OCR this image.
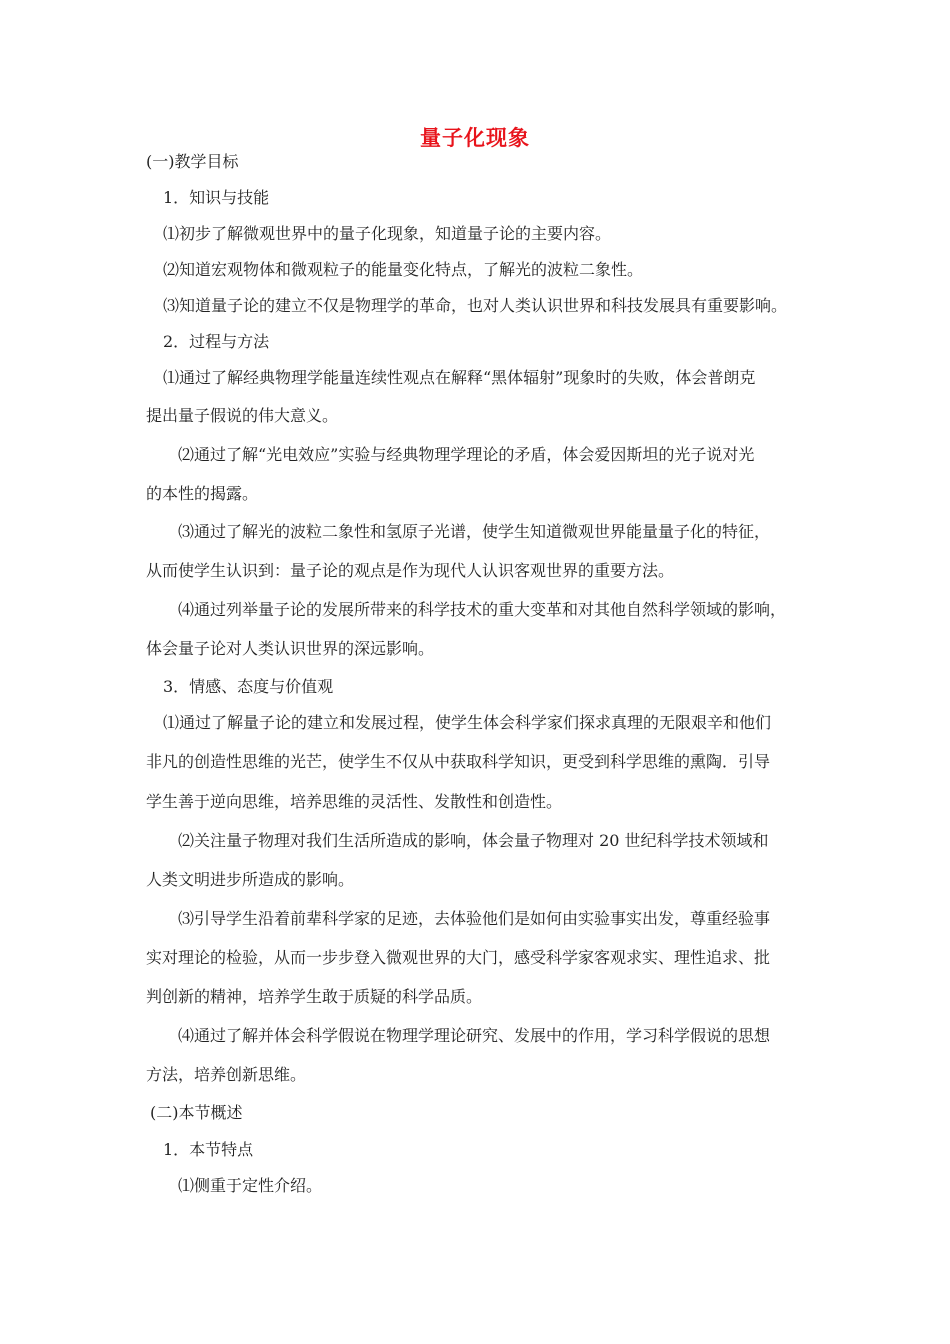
量子化现象
(一)教学目标
1．知识与技能
⑴初步了解微观世界中的量子化现象，知道量子论的主要内容。
⑵知道宏观物体和微观粒子的能量变化特点，了解光的波粒二象性。
⑶知道量子论的建立不仅是物理学的革命，也对人类认识世界和科技发展具有重要影响。
2．过程与方法
⑴通过了解经典物理学能量连续性观点在解释“黑体辐射”现象时的失败，体会普朗克
提出量子假说的伟大意义。
⑵通过了解“光电效应”实验与经典物理学理论的矛盾，体会爱因斯坦的光子说对光
的本性的揭露。
⑶通过了解光的波粒二象性和氢原子光谱，使学生知道微观世界能量量子化的特征，
从而使学生认识到：量子论的观点是作为现代人认识客观世界的重要方法。
⑷通过列举量子论的发展所带来的科学技术的重大变革和对其他自然科学领域的影响，
体会量子论对人类认识世界的深远影响。
3．情感、态度与价值观
⑴通过了解量子论的建立和发展过程，使学生体会科学家们探求真理的无限艰辛和他们
非凡的创造性思维的光芒，使学生不仅从中获取科学知识，更受到科学思维的熏陶．引导
学生善于逆向思维，培养思维的灵活性、发散性和创造性。
⑵关注量子物理对我们生活所造成的影响，体会量子物理对 20 世纪科学技术领域和
人类文明进步所造成的影响。
⑶引导学生沿着前辈科学家的足迹，去体验他们是如何由实验事实出发，尊重经验事
实对理论的检验，从而一步步登入微观世界的大门，感受科学家客观求实、理性追求、批
判创新的精神，培养学生敢于质疑的科学品质。
⑷通过了解并体会科学假说在物理学理论研究、发展中的作用，学习科学假说的思想
方法，培养创新思维。
(二)本节概述
1．本节特点
⑴侧重于定性介绍。
